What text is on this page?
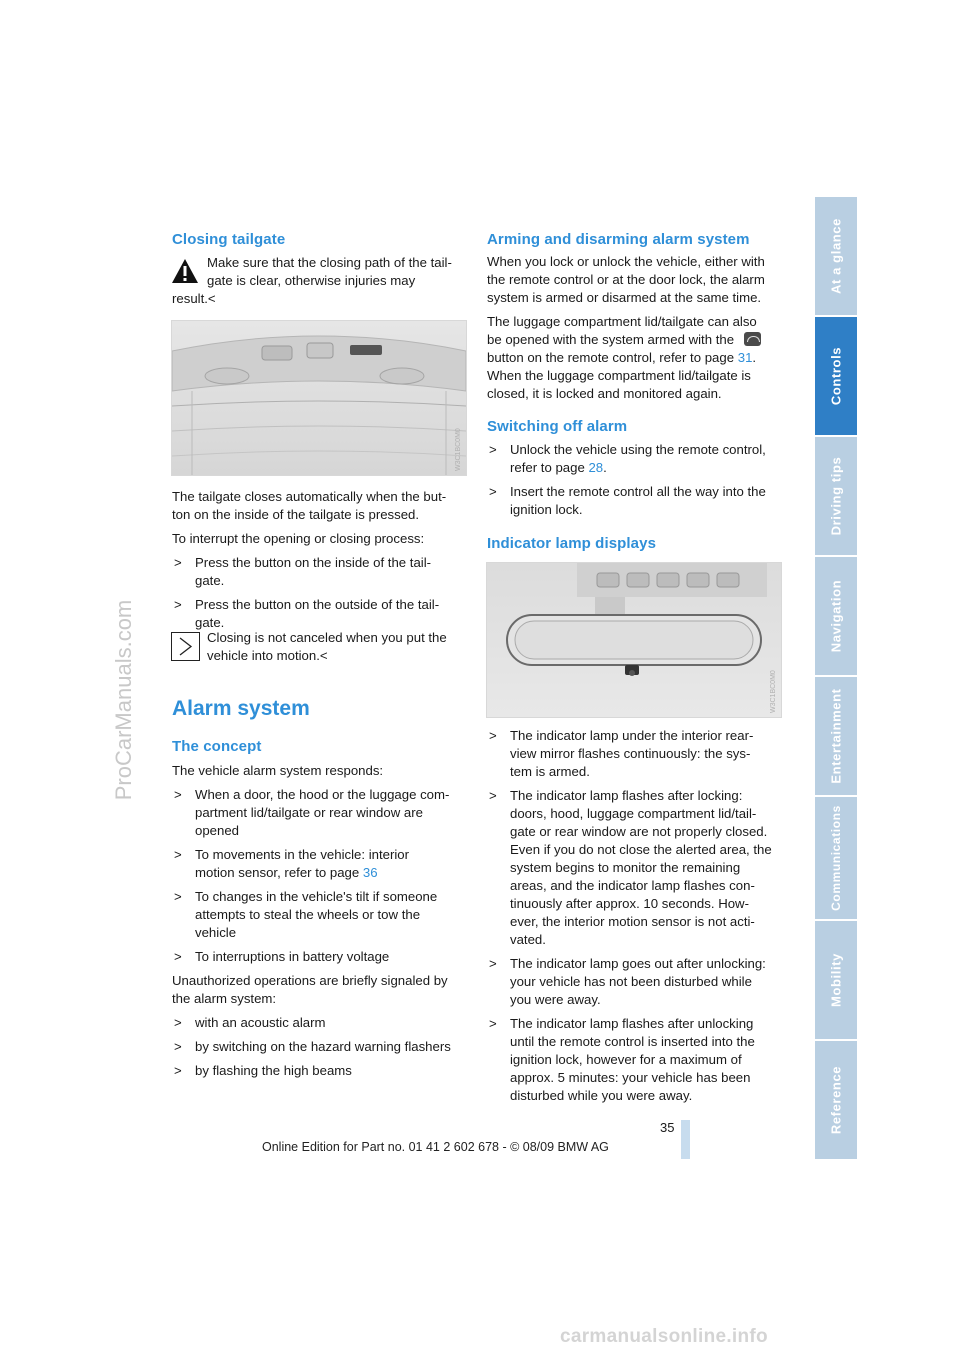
ProCarManuals.com
At a glance
Controls
Driving tips
Navigation
Entertainment
Communications
Mobility
Reference
Closing tailgate
Make sure that the closing path of the tail-
gate is clear, otherwise injuries may
result.<
W3C1BC0M0
The tailgate closes automatically when the but-
ton on the inside of the tailgate is pressed.
To interrupt the opening or closing process:
> Press the button on the inside of the tail-
gate.
> Press the button on the outside of the tail-
gate.
Closing is not canceled when you put the
vehicle into motion.<
Alarm system
The concept
The vehicle alarm system responds:
> When a door, the hood or the luggage com-
partment lid/tailgate or rear window are
opened
> To movements in the vehicle: interior
motion sensor, refer to page 36
> To changes in the vehicle's tilt if someone
attempts to steal the wheels or tow the
vehicle
> To interruptions in battery voltage
Unauthorized operations are briefly signaled by
the alarm system:
> with an acoustic alarm
> by switching on the hazard warning flashers
> by flashing the high beams
Arming and disarming alarm system
When you lock or unlock the vehicle, either with
the remote control or at the door lock, the alarm
system is armed or disarmed at the same time.
The luggage compartment lid/tailgate can also
be opened with the system armed with the
button on the remote control, refer to page 31.
When the luggage compartment lid/tailgate is
closed, it is locked and monitored again.
Switching off alarm
> Unlock the vehicle using the remote control,
refer to page 28.
> Insert the remote control all the way into the
ignition lock.
Indicator lamp displays
W3C1BC0M0
> The indicator lamp under the interior rear-
view mirror flashes continuously: the sys-
tem is armed.
> The indicator lamp flashes after locking:
doors, hood, luggage compartment lid/tail-
gate or rear window are not properly closed.
Even if you do not close the alerted area, the
system begins to monitor the remaining
areas, and the indicator lamp flashes con-
tinuously after approx. 10 seconds. How-
ever, the interior motion sensor is not acti-
vated.
> The indicator lamp goes out after unlocking:
your vehicle has not been disturbed while
you were away.
> The indicator lamp flashes after unlocking
until the remote control is inserted into the
ignition lock, however for a maximum of
approx. 5 minutes: your vehicle has been
disturbed while you were away.
35
Online Edition for Part no. 01 41 2 602 678 - © 08/09 BMW AG
carmanualsonline.info
